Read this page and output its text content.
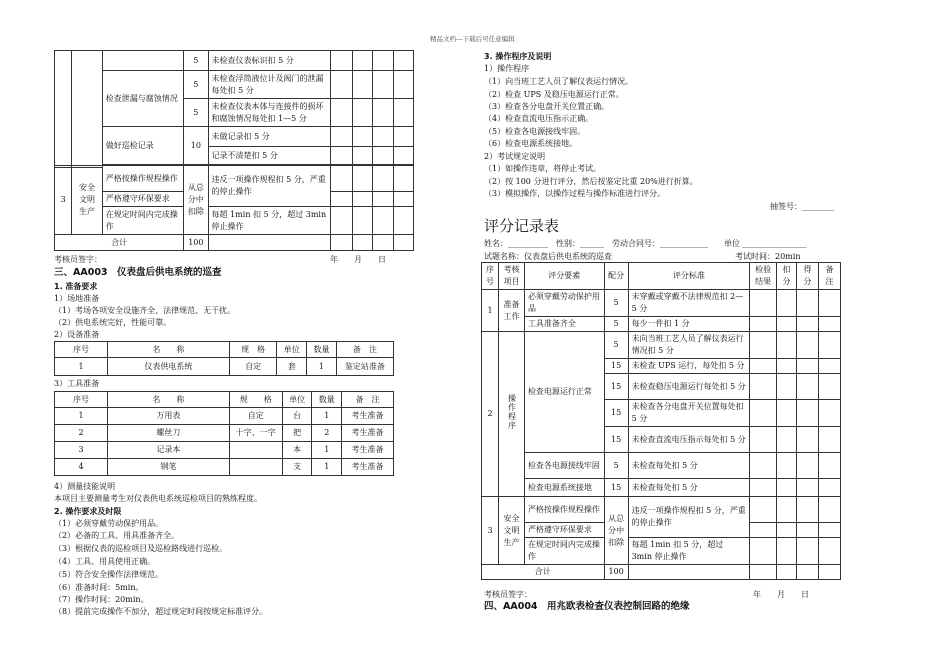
精品文档---下载后可任意编辑
			5	未检查仪表标识扣 5 分				
		检查泄漏与腐蚀情况	5	未检查浮筒液位计及阀门的泄漏每处扣 5 分				
			5	未检查仪表本体与连接件的损坏和腐蚀情况每处扣 1—5 分				
		做好巡检记录	10	未做记录扣 5 分				
				记录不清楚扣 5 分				

3	安全文明生产	严格按操作规程操作	从总分中扣除	违反一项操作规程扣 5 分，严重的停止操作				
		严格遵守环保要求						
		在规定时间内完成操作		每超 1min 扣 5 分，超过 3min 停止操作				
合计			100					
考核员签字：	年　　月　　日
三、AA003　仪表盘后供电系统的巡查
1. 准备要求
1）场地准备
（1）考场各项安全设施齐全、法律规范、无干扰。
（2）供电系统完好，性能可靠。
2）设备准备
序号	名　　称	规　格	单位	数量	备　注
1	仪表供电系统	自定	套	1	鉴定站准备
3）工具准备
序号	名　　称	规　　格	单位	数量	备　注
1	万用表	自定	台	1	考生准备
2	螺丝刀	十字、一字	把	2	考生准备
3	记录本		本	1	考生准备
4	钢笔		支	1	考生准备
4）测量技能说明
本项目主要测量考生对仪表供电系统巡检项目的熟练程度。
2. 操作要求及时限
（1）必须穿戴劳动保护用品。
（2）必备的工具、用具准备齐全。
（3）根据仪表的巡检项目及巡检路线进行巡检。
（4）工具、用具使用正确。
（5）符合安全操作法律规范。
（6）准备时间：5min。
（7）操作时间：20min。
（8）提前完成操作不加分，超过规定时间按规定标准评分。
3. 操作程序及说明
1）操作程序
（1）向当班工艺人员了解仪表运行情况。
（2）检查 UPS 及稳压电源运行正常。
（3）检查各分电盘开关位置正确。
（4）检查直流电压指示正确。
（5）检查各电源接线牢固。
（6）检查电源系统接地。
2）考试规定说明
（1）如操作违章，将停止考试。
（2）按 100 分进行评分，然后按鉴定比重 20%进行折算。
（3）模拟操作，以操作过程与操作标准进行评分。
抽签号：________
评分记录表
姓名：__________　性别：______　劳动合同号：____________　　单位 ________________
试题名称：仪表盘后供电系统的巡查	考试时间：20min
序号	考核项目	评分要素	配分	评分标准	检验结果	扣分	得分	备注
1	准备工作	必须穿戴劳动保护用品	5	未穿戴或穿戴不法律规范扣 2—5 分				
		工具准备齐全	5	每少一件扣 1 分				
2	操作程序	检查电源运行正常	5	未向当班工艺人员了解仪表运行情况扣 5 分				
			15	未检查 UPS 运行，每处扣 5 分				
			15	未检查稳压电源运行每处扣 5 分				
			15	未检查各分电盘开关位置每处扣 5 分				
			15	未检查直流电压指示每处扣 5 分				
		检查各电源接线牢固	5	未检查每处扣 5 分				
		检查电源系统接地	15	未检查每处扣 5 分				
3	安全文明生产	严格按操作规程操作	从总分中扣除	违反一项操作规程扣 5 分，严重的停止操作				
		严格遵守环保要求						
		在规定时间内完成操作		每超 1min 扣 5 分，超过 3min 停止操作				
合计			100					
考核员签字：	年　　月　　日
四、AA004　用兆欧表检查仪表控制回路的绝缘
